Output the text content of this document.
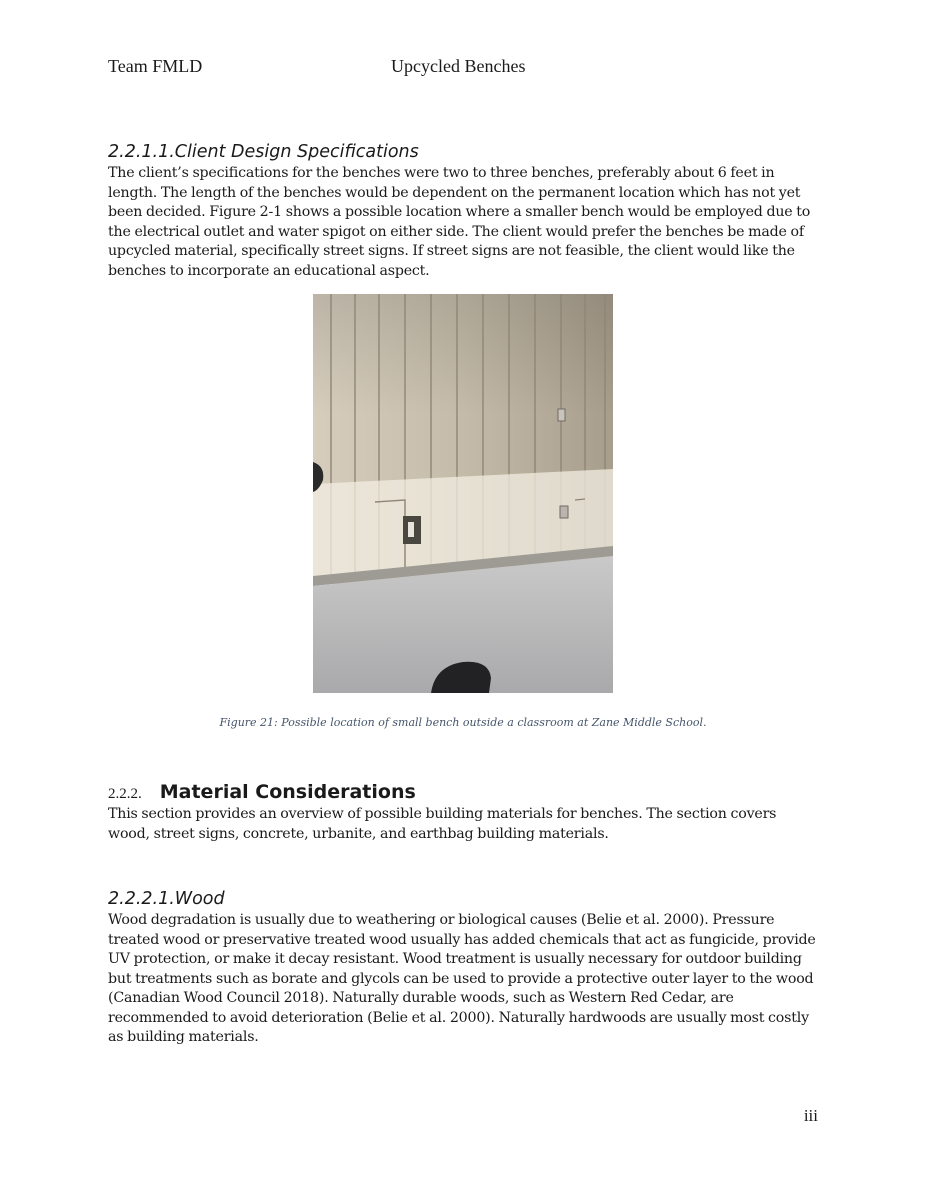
Team FMLD	Upcycled Benches
2.2.1.1.Client Design Specifications
The client’s specifications for the benches were two to three benches, preferably about 6 feet in length. The length of the benches would be dependent on the permanent location which has not yet been decided. Figure 2-1 shows a possible location where a smaller bench would be employed due to the electrical outlet and water spigot on either side. The client would prefer the benches be made of upcycled material, specifically street signs. If street signs are not feasible, the client would like the benches to incorporate an educational aspect.
Figure 21: Possible location of small bench outside a classroom at Zane Middle School.
2.2.2. Material Considerations
This section provides an overview of possible building materials for benches. The section covers wood, street signs, concrete, urbanite, and earthbag building materials.
2.2.2.1.Wood
Wood degradation is usually due to weathering or biological causes (Belie et al. 2000). Pressure treated wood or preservative treated wood usually has added chemicals that act as fungicide, provide UV protection, or make it decay resistant. Wood treatment is usually necessary for outdoor building but treatments such as borate and glycols can be used to provide a protective outer layer to the wood (Canadian Wood Council 2018). Naturally durable woods, such as Western Red Cedar, are recommended to avoid deterioration (Belie et al. 2000). Naturally hardwoods are usually most costly as building materials.
iii
